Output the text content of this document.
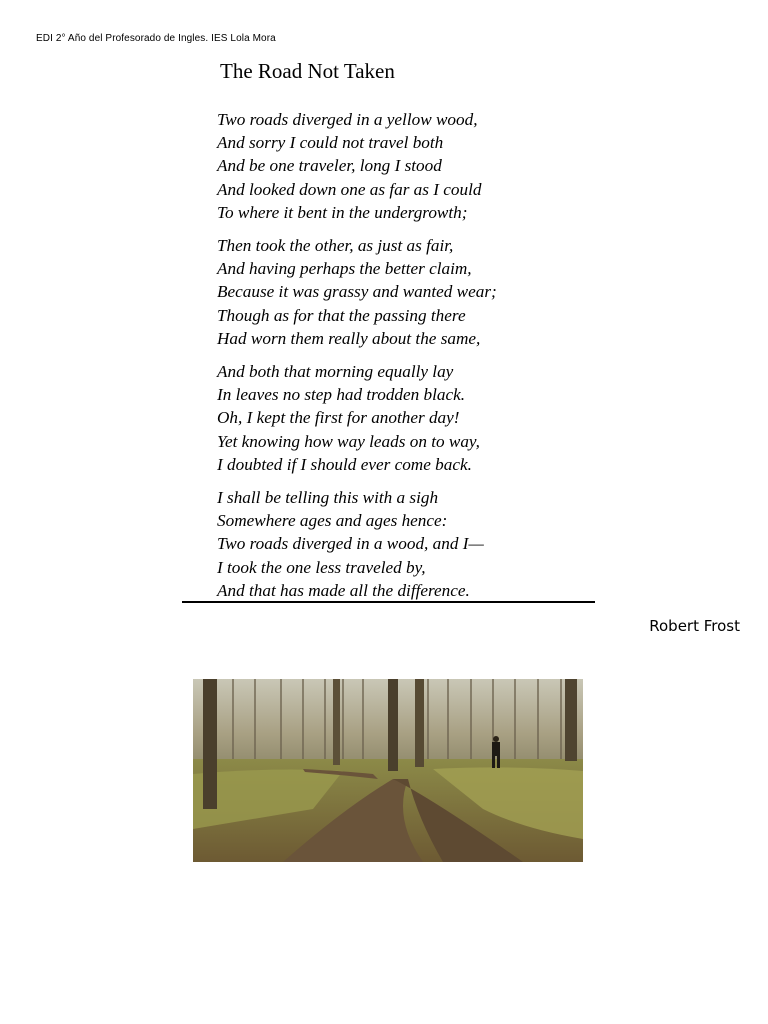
EDI 2° Año del Profesorado de Ingles. IES Lola Mora
The Road Not Taken
Two roads diverged in a yellow wood,
And sorry I could not travel both
And be one traveler, long I stood
And looked down one as far as I could
To where it bent in the undergrowth;
Then took the other, as just as fair,
And having perhaps the better claim,
Because it was grassy and wanted wear;
Though as for that the passing there
Had worn them really about the same,
And both that morning equally lay
In leaves no step had trodden black.
Oh, I kept the first for another day!
Yet knowing how way leads on to way,
I doubted if I should ever come back.
I shall be telling this with a sigh
Somewhere ages and ages hence:
Two roads diverged in a wood, and I—
I took the one less traveled by,
And that has made all the difference.
Robert Frost
